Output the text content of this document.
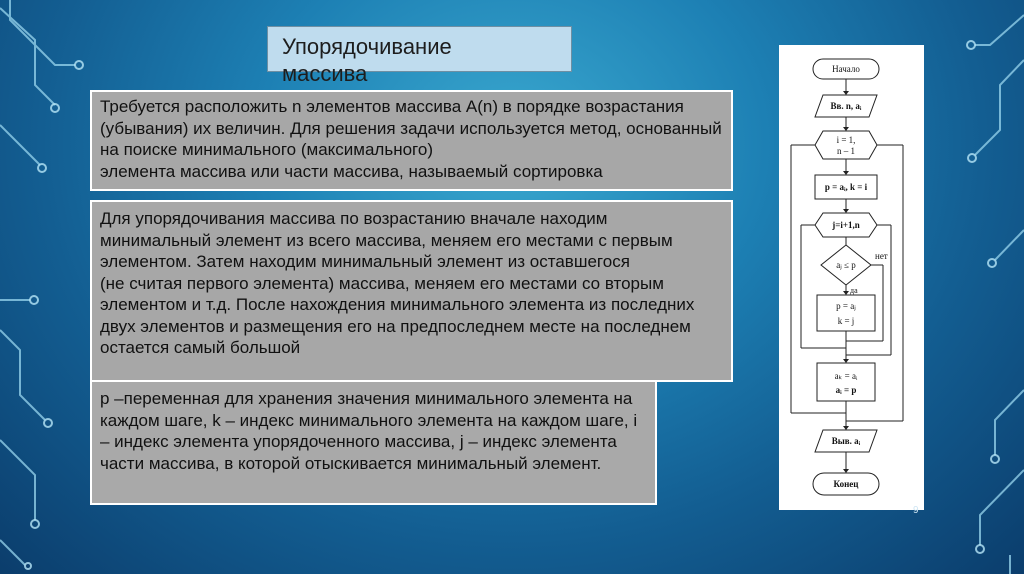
Упорядочивание
массива

Требуется расположить n элементов массива A(n) в порядке возрастания (убывания) их величин. Для решения задачи используется метод, основанный на поиске минимального (максимального)
элемента массива или части массива, называемый сортировка
Для упорядочивания массива по возрастанию вначале находим минимальный элемент из всего массива, меняем его местами с первым элементом. Затем находим минимальный элемент из оставшегося
(не считая первого элемента) массива, меняем его местами со вторым элементом и т.д. После нахождения минимального элемента из последних двух элементов и размещения его на предпоследнем месте на последнем остается самый большой
p –переменная для хранения значения минимального элемента на каждом шаге, k – индекс минимального элемента на каждом шаге, i – индекс элемента упорядоченного массива, j – индекс элемента части массива, в которой отыскивается минимальный элемент.
Начало
Вв. n, aᵢ
i = 1,
n – 1
p = aᵢ, k = i
j=i+1,n
aⱼ ≤ p
нет
да
p = aⱼ
k = j
aₖ = aᵢ
aᵢ = p
Выв. aᵢ
Конец
9
